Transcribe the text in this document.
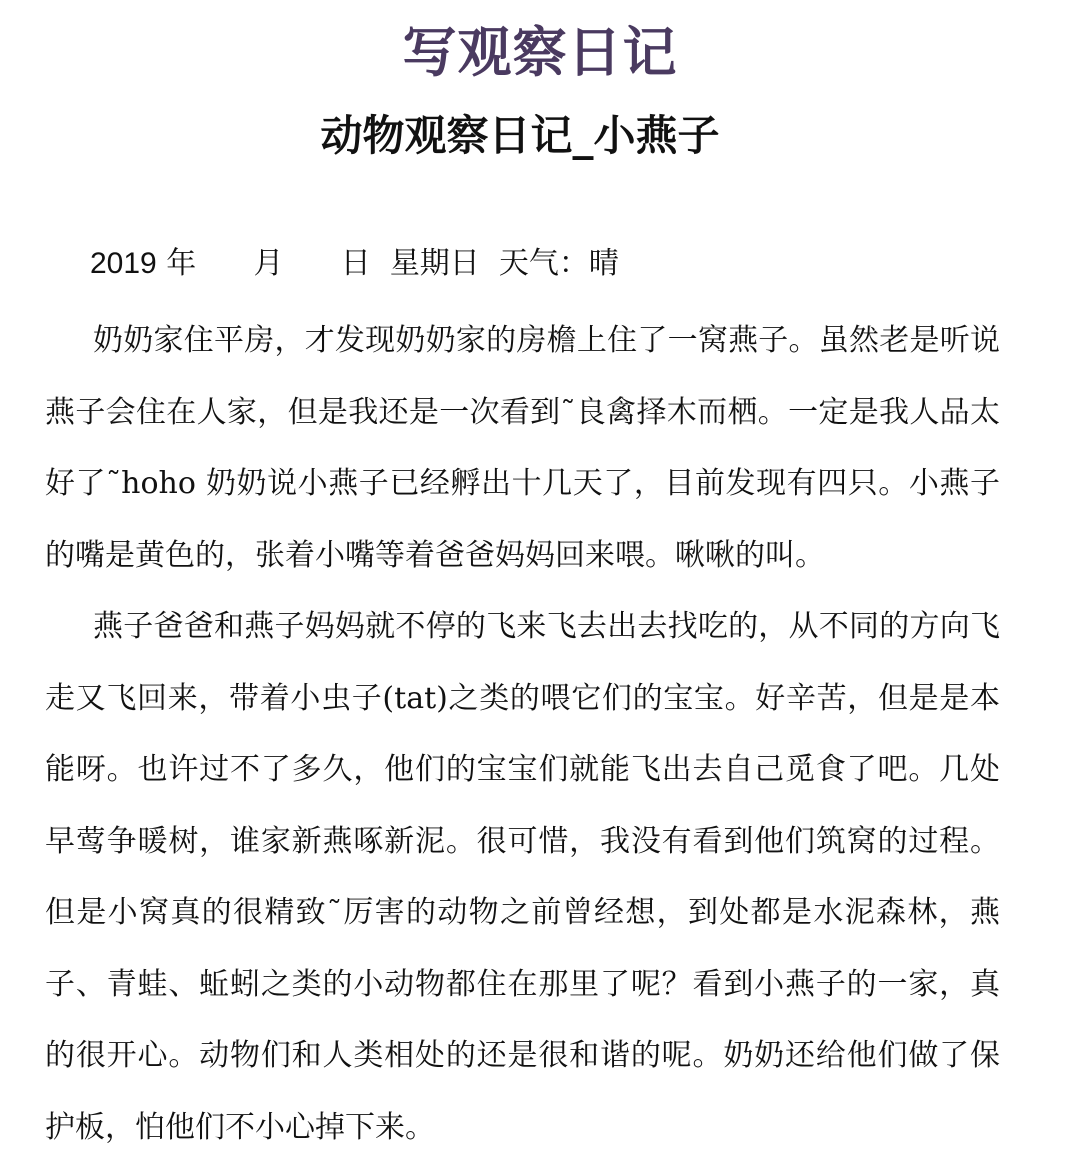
写观察日记
动物观察日记_小燕子
2019 年 月 日 星期日 天气：晴

奶奶家住平房，才发现奶奶家的房檐上住了一窝燕子。虽然老是听说燕子会住在人家，但是我还是一次看到˜良禽择木而栖。一定是我人品太好了˜hoho 奶奶说小燕子已经孵出十几天了，目前发现有四只。小燕子的嘴是黄色的，张着小嘴等着爸爸妈妈回来喂。啾啾的叫。

燕子爸爸和燕子妈妈就不停的飞来飞去出去找吃的，从不同的方向飞走又飞回来，带着小虫子(tat)之类的喂它们的宝宝。好辛苦，但是是本能呀。也许过不了多久，他们的宝宝们就能飞出去自己觅食了吧。几处早莺争暖树，谁家新燕啄新泥。很可惜，我没有看到他们筑窝的过程。但是小窝真的很精致˜厉害的动物之前曾经想，到处都是水泥森林，燕子、青蛙、蚯蚓之类的小动物都住在那里了呢？看到小燕子的一家，真的很开心。动物们和人类相处的还是很和谐的呢。奶奶还给他们做了保护板，怕他们不小心掉下来。
